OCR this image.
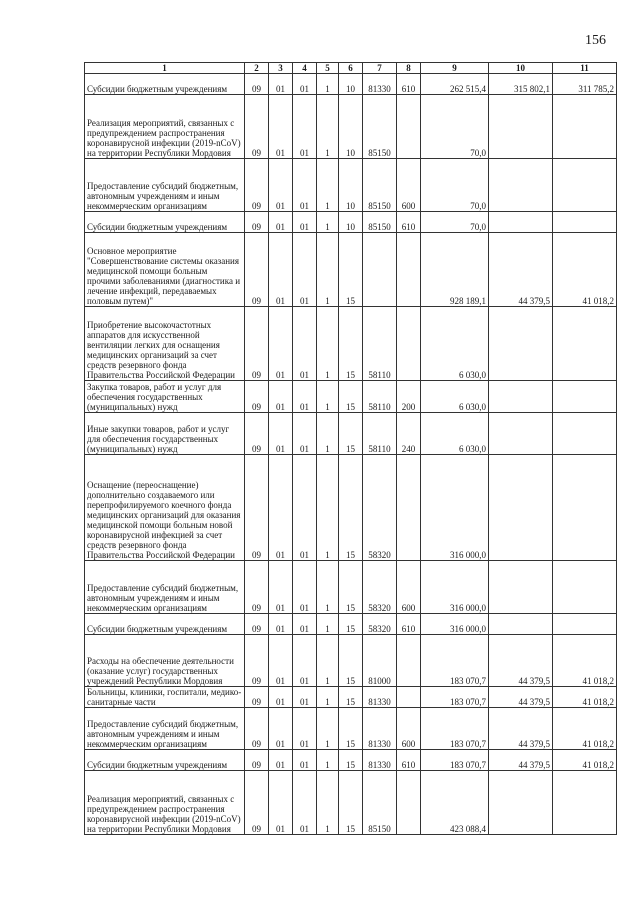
156
1	2	3	4	5	6	7	8	9	10	11
Субсидии бюджетным учреждениям	09	01	01	1	10	81330	610	262 515,4	315 802,1	311 785,2
Реализация мероприятий, связанных с предупреждением распространения коронавирусной инфекции (2019-nCoV) на территории Республики Мордовия	09	01	01	1	10	85150		70,0		
Предоставление субсидий бюджетным, автономным учреждениям и иным некоммерческим организациям	09	01	01	1	10	85150	600	70,0		
Субсидии бюджетным учреждениям	09	01	01	1	10	85150	610	70,0		
Основное мероприятие "Совершенствование системы оказания медицинской помощи больным прочими заболеваниями (диагностика и лечение инфекций, передаваемых половым путем)"	09	01	01	1	15			928 189,1	44 379,5	41 018,2
Приобретение высокочастотных аппаратов для искусственной вентиляции легких для оснащения медицинских организаций за счет средств резервного фонда Правительства Российской Федерации	09	01	01	1	15	58110		6 030,0		
Закупка товаров, работ и услуг для обеспечения государственных (муниципальных) нужд	09	01	01	1	15	58110	200	6 030,0		
Иные закупки товаров, работ и услуг для обеспечения государственных (муниципальных) нужд	09	01	01	1	15	58110	240	6 030,0		
Оснащение (переоснащение) дополнительно создаваемого или перепрофилируемого коечного фонда медицинских организаций для оказания медицинской помощи больным новой коронавирусной инфекцией за счет средств резервного фонда Правительства Российской Федерации	09	01	01	1	15	58320		316 000,0		
Предоставление субсидий бюджетным, автономным учреждениям и иным некоммерческим организациям	09	01	01	1	15	58320	600	316 000,0		
Субсидии бюджетным учреждениям	09	01	01	1	15	58320	610	316 000,0		
Расходы на обеспечение деятельности (оказание услуг) государственных учреждений Республики Мордовия	09	01	01	1	15	81000		183 070,7	44 379,5	41 018,2
Больницы, клиники, госпитали, медико-санитарные части	09	01	01	1	15	81330		183 070,7	44 379,5	41 018,2
Предоставление субсидий бюджетным, автономным учреждениям и иным некоммерческим организациям	09	01	01	1	15	81330	600	183 070,7	44 379,5	41 018,2
Субсидии бюджетным учреждениям	09	01	01	1	15	81330	610	183 070,7	44 379,5	41 018,2
Реализация мероприятий, связанных с предупреждением распространения коронавирусной инфекции (2019-nCoV) на территории Республики Мордовия	09	01	01	1	15	85150		423 088,4		
